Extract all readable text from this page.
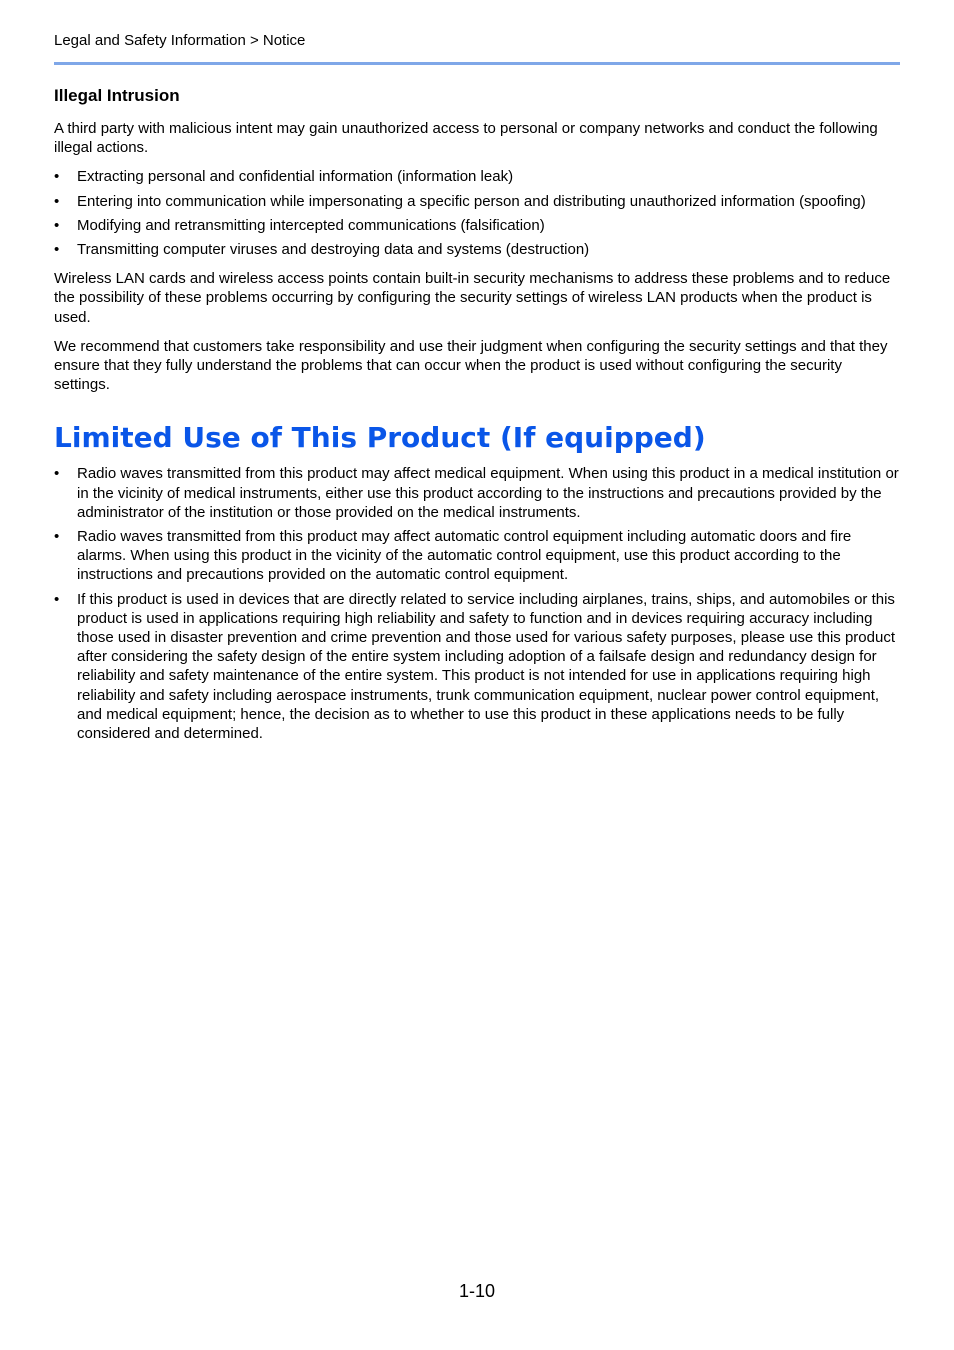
Legal and Safety Information > Notice
Illegal Intrusion

A third party with malicious intent may gain unauthorized access to personal or company networks and conduct the following illegal actions.

• Extracting personal and confidential information (information leak)
• Entering into communication while impersonating a specific person and distributing unauthorized information (spoofing)
• Modifying and retransmitting intercepted communications (falsification)
• Transmitting computer viruses and destroying data and systems (destruction)

Wireless LAN cards and wireless access points contain built-in security mechanisms to address these problems and to reduce the possibility of these problems occurring by configuring the security settings of wireless LAN products when the product is used.

We recommend that customers take responsibility and use their judgment when configuring the security settings and that they ensure that they fully understand the problems that can occur when the product is used without configuring the security settings.

Limited Use of This Product (If equipped)
• Radio waves transmitted from this product may affect medical equipment. When using this product in a medical institution or in the vicinity of medical instruments, either use this product according to the instructions and precautions provided by the administrator of the institution or those provided on the medical instruments.
• Radio waves transmitted from this product may affect automatic control equipment including automatic doors and fire alarms. When using this product in the vicinity of the automatic control equipment, use this product according to the instructions and precautions provided on the automatic control equipment.
• If this product is used in devices that are directly related to service including airplanes, trains, ships, and automobiles or this product is used in applications requiring high reliability and safety to function and in devices requiring accuracy including those used in disaster prevention and crime prevention and those used for various safety purposes, please use this product after considering the safety design of the entire system including adoption of a failsafe design and redundancy design for reliability and safety maintenance of the entire system. This product is not intended for use in applications requiring high reliability and safety including aerospace instruments, trunk communication equipment, nuclear power control equipment, and medical equipment; hence, the decision as to whether to use this product in these applications needs to be fully considered and determined.
1-10
